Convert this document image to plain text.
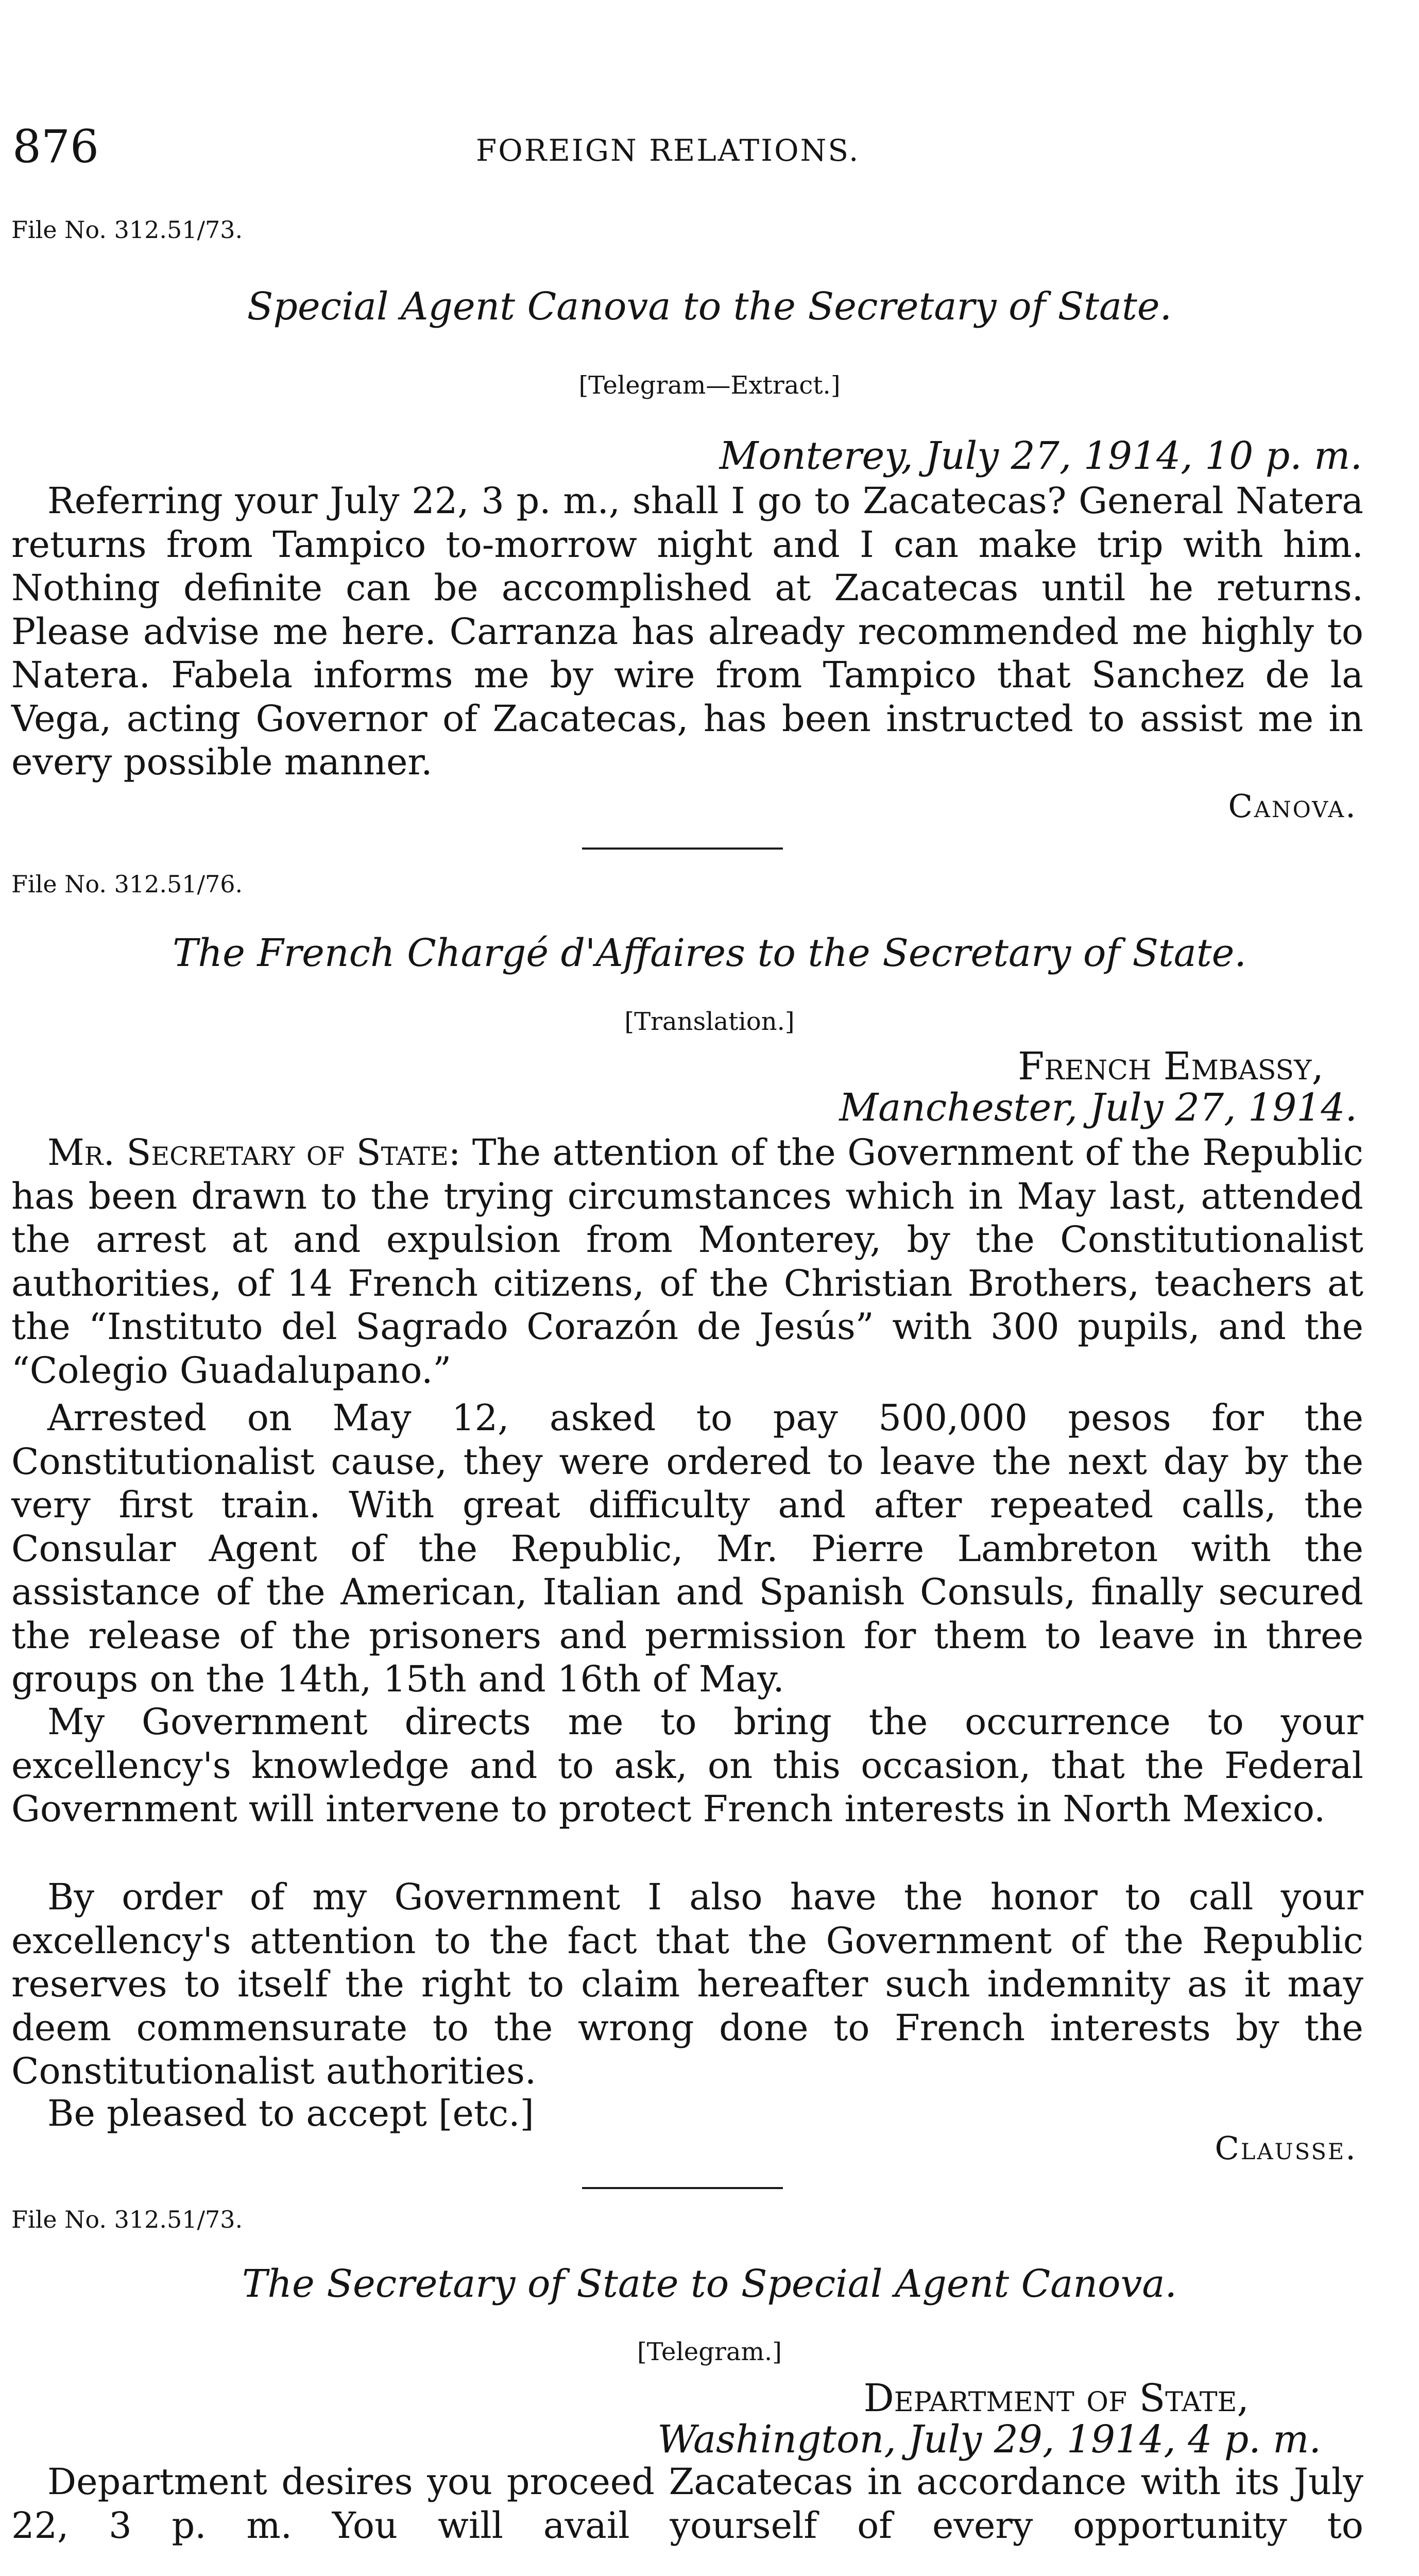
876	FOREIGN RELATIONS.
File No. 312.51/73.
Special Agent Canova to the Secretary of State.
[Telegram—Extract.]
Monterey, July 27, 1914, 10 p. m.

Referring your July 22, 3 p. m., shall I go to Zacatecas? General Natera returns from Tampico to-morrow night and I can make trip with him. Nothing definite can be accomplished at Zacatecas until he returns. Please advise me here. Carranza has already recommended me highly to Natera. Fabela informs me by wire from Tampico that Sanchez de la Vega, acting Governor of Zacatecas, has been instructed to assist me in every possible manner.

Canova.
File No. 312.51/76.
The French Chargé d'Affaires to the Secretary of State.
[Translation.]
French Embassy,
Manchester, July 27, 1914.

Mr. Secretary of State: The attention of the Government of the Republic has been drawn to the trying circumstances which in May last, attended the arrest at and expulsion from Monterey, by the Constitutionalist authorities, of 14 French citizens, of the Christian Brothers, teachers at the “Instituto del Sagrado Corazón de Jesús” with 300 pupils, and the “Colegio Guadalupano.”

Arrested on May 12, asked to pay 500,000 pesos for the Constitutionalist cause, they were ordered to leave the next day by the very first train. With great difficulty and after repeated calls, the Consular Agent of the Republic, Mr. Pierre Lambreton with the assistance of the American, Italian and Spanish Consuls, finally secured the release of the prisoners and permission for them to leave in three groups on the 14th, 15th and 16th of May.

My Government directs me to bring the occurrence to your excellency's knowledge and to ask, on this occasion, that the Federal Government will intervene to protect French interests in North Mexico.

By order of my Government I also have the honor to call your excellency's attention to the fact that the Government of the Republic reserves to itself the right to claim hereafter such indemnity as it may deem commensurate to the wrong done to French interests by the Constitutionalist authorities.

Be pleased to accept [etc.]

Clausse.
File No. 312.51/73.
The Secretary of State to Special Agent Canova.
[Telegram.]
Department of State,
Washington, July 29, 1914, 4 p. m.

Department desires you proceed Zacatecas in accordance with its July 22, 3 p. m. You will avail yourself of every opportunity to
